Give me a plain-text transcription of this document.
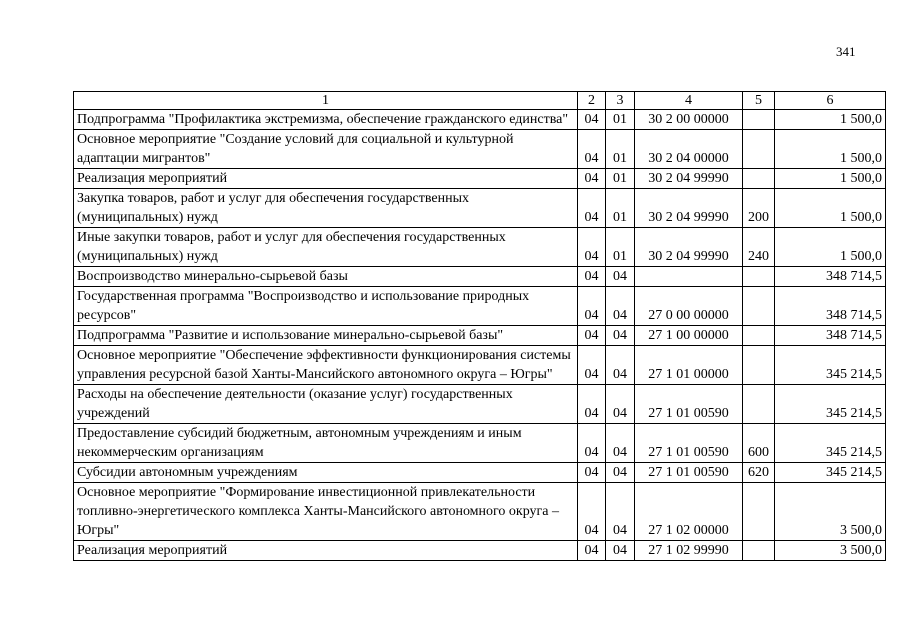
341
1	2	3	4	5	6
Подпрограмма "Профилактика экстремизма, обеспечение гражданского единства"	04	01	30 2 00 00000		1 500,0
Основное мероприятие "Создание условий для социальной и культурной адаптации мигрантов"	04	01	30 2 04 00000		1 500,0
Реализация мероприятий	04	01	30 2 04 99990		1 500,0
Закупка товаров, работ и услуг для обеспечения государственных (муниципальных) нужд	04	01	30 2 04 99990	200	1 500,0
Иные закупки товаров, работ и услуг для обеспечения государственных (муниципальных) нужд	04	01	30 2 04 99990	240	1 500,0
Воспроизводство минерально-сырьевой базы	04	04			348 714,5
Государственная программа "Воспроизводство и использование природных ресурсов"	04	04	27 0 00 00000		348 714,5
Подпрограмма "Развитие и использование минерально-сырьевой базы"	04	04	27 1 00 00000		348 714,5
Основное мероприятие "Обеспечение эффективности функционирования системы управления ресурсной базой Ханты-Мансийского автономного округа – Югры"	04	04	27 1 01 00000		345 214,5
Расходы на обеспечение деятельности (оказание услуг) государственных учреждений	04	04	27 1 01 00590		345 214,5
Предоставление субсидий бюджетным, автономным учреждениям и иным некоммерческим организациям	04	04	27 1 01 00590	600	345 214,5
Субсидии автономным учреждениям	04	04	27 1 01 00590	620	345 214,5
Основное мероприятие "Формирование инвестиционной привлекательности топливно-энергетического комплекса Ханты-Мансийского автономного округа – Югры"	04	04	27 1 02 00000		3 500,0
Реализация мероприятий	04	04	27 1 02 99990		3 500,0
